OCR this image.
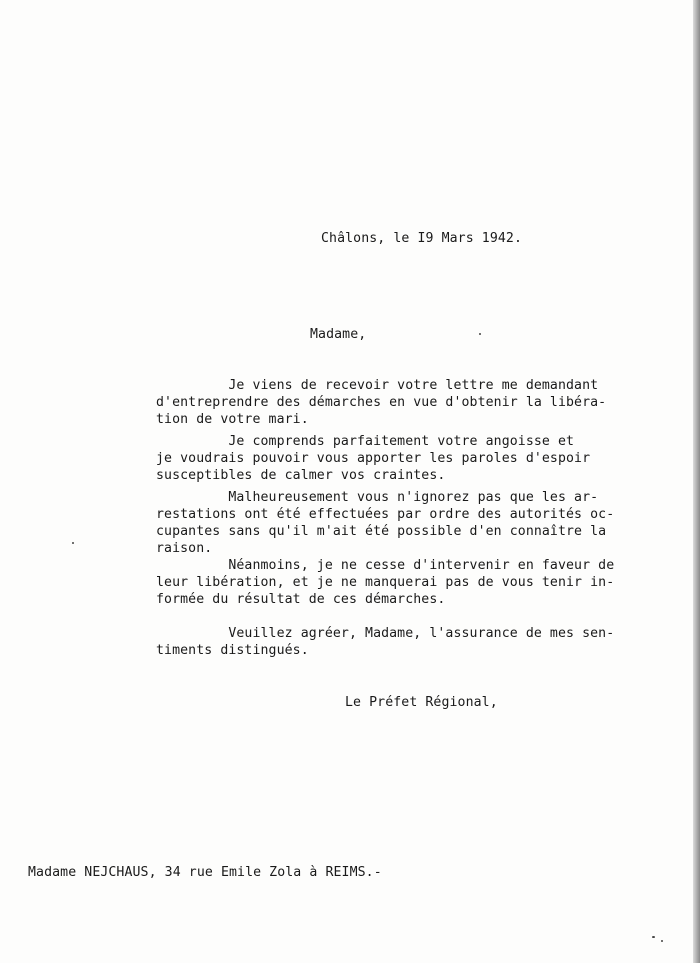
Châlons, le I9 Mars 1942.
Madame,
Je viens de recevoir votre lettre me demandant
d'entreprendre des démarches en vue d'obtenir la libéra-
tion de votre mari.
Je comprends parfaitement votre angoisse et
je voudrais pouvoir vous apporter les paroles d'espoir
susceptibles de calmer vos craintes.
Malheureusement vous n'ignorez pas que les ar-
restations ont été effectuées par ordre des autorités oc-
cupantes sans qu'il m'ait été possible d'en connaître la
raison.
Néanmoins, je ne cesse d'intervenir en faveur de
leur libération, et je ne manquerai pas de vous tenir in-
formée du résultat de ces démarches.
Veuillez agréer, Madame, l'assurance de mes sen-
timents distingués.
Le Préfet Régional,
Madame NEJCHAUS, 34 rue Emile Zola à REIMS.-
